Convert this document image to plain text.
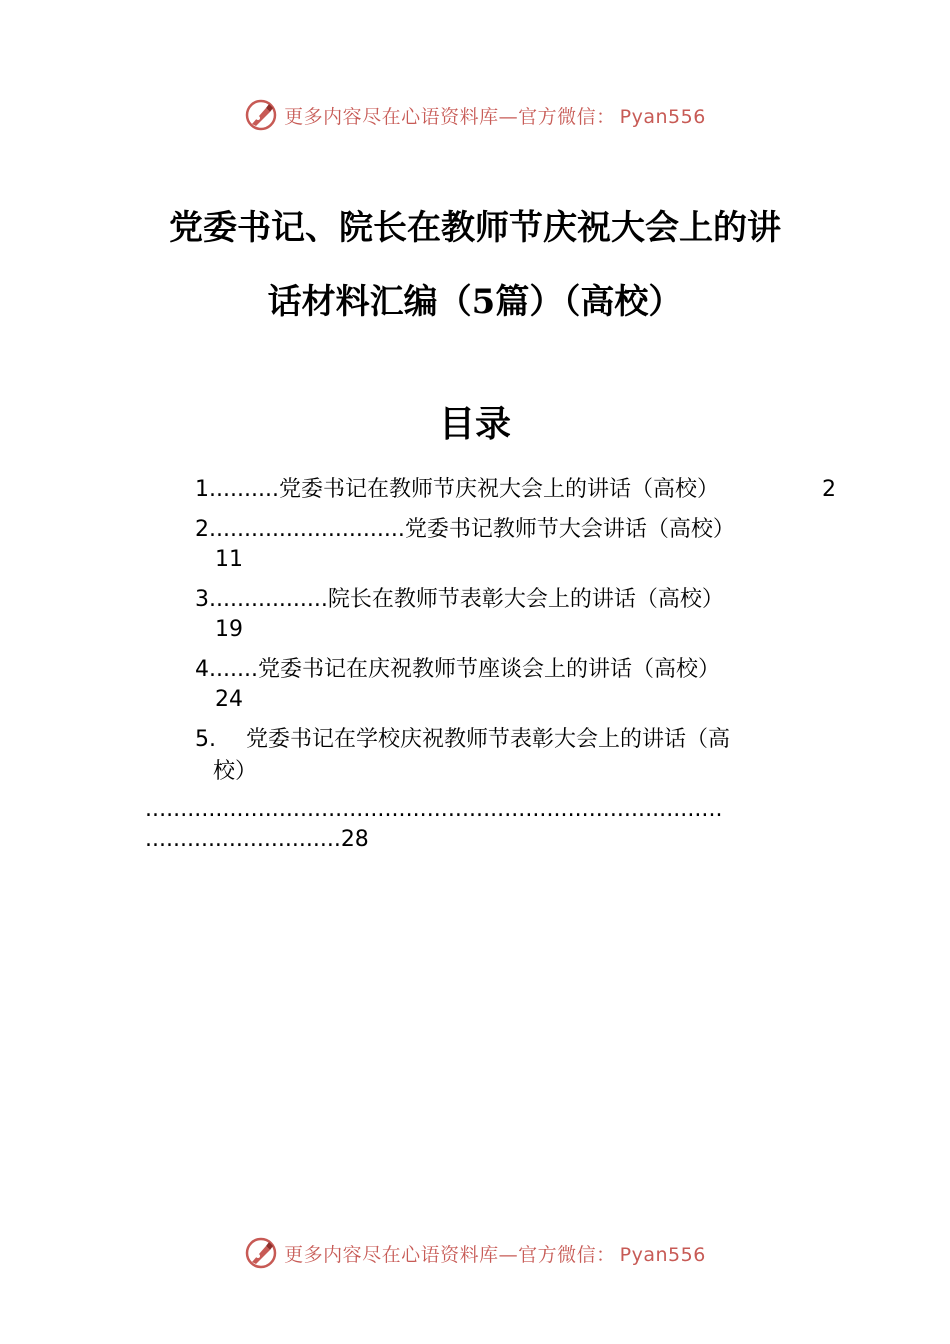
更多内容尽在心语资料库—官方微信： Pyan556
党委书记、院长在教师节庆祝大会上的讲
话材料汇编（5篇）（高校）
目录
1..........党委书记在教师节庆祝大会上的讲话（高校）	2
2............................党委书记教师节大会讲话（高校）
11
3.................院长在教师节表彰大会上的讲话（高校）
19
4.......党委书记在庆祝教师节座谈会上的讲话（高校）
24
5. 党委书记在学校庆祝教师节表彰大会上的讲话（高
校）
..................................................................................
............................28
更多内容尽在心语资料库—官方微信： Pyan556
